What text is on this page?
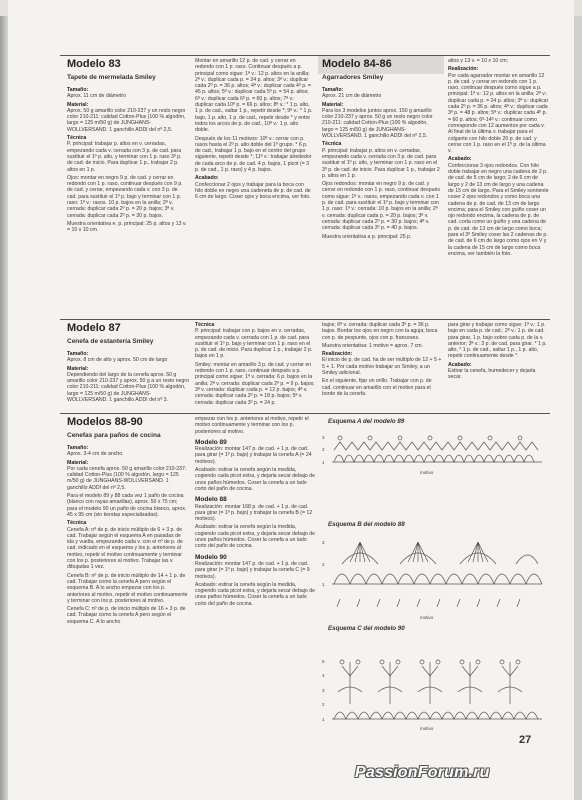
Modelo 83
Tapete de mermelada Smiley
Tamaño:
Aprox. 11 cm de diámetro
Material:
Aprox. 50 g amarillo color 210-237 y un resto negro color 210-211: calidad Cotton-Plus (100 % algodón, largo = 125 m/50 g) de JUNGHANS-WOLLVERSAND. 1 ganchillo ADDI del nº 2,5.
Técnica
P. principal: trabajar p. altos en v. cerradas, empezando cada v. cerrada con 3 p. de cad. para sustituir el 1º p. alto, y terminar con 1 p. raso 3º p. de cad. de inicio. Para duplicar 1 p., trabajar 2 p. altos en 1 p.
Ojos: montar en negro 9 p. de cad. y cerrar en redondo con 1 p. raso, continuar después con 9 p. de cad. y cerrar, empezando cada v. con 3 p. de cad. para sustituir el 1º p. bajo y terminar con 1 p. raso: 1ª v.: rasos. 10 p. bajos en la anilla; 2ª v. cerrada: duplicar cada 2º p. = 20 p. bajos; 3ª v. cerrada: duplicar cada 2º p. = 30 p. bajos.
Muestra orientativa e. p. principal: 25 p. altos y 13 v. = 10 x 10 cm.
Montar en amarillo 12 p. de cad. y cerrar en redondo con 1 p. raso. Continuar después a p. principal como sigue: 1ª v.: 12 p. altos en la anilla; 2ª v.: duplicar cada p. = 24 p. altos; 3ª v.: duplicar cada 2º p. = 36 p. altos; 4ª v.: duplicar cada 4º p. = 45 p. altos; 5ª v.: duplicar cada 5º p. = 54 p. altos; 6ª v.: duplicar cada 6º p. = 60 p. altos; 7ª v.: duplicar cada 10º p. = 66 p. altos; 8ª v.: * 1 p. alto, 1 p. de cad., saltar 1 p., repetir desde *; 9ª v.: * 1 p. bajo, 1 p. alto, 1 p. de cad., repetir desde * y entre todos los arcos de p. de cad., 10ª v.: 1 p. alto doble.
Después de los 11 motivos: 10ª v.: cerrar con p. rasos hasta el 2º p. alto doble del 1º grupo. * 6 p. de cad., trabajar 1 p. bajo en el centro del grupo siguiente, repetir desde *; 11ª v.: trabajar alrededor de cada arco de p. de cad. 4 p. bajos, 1 picot (= 3 p. de cad., 1 p. raso) y 4 p. bajos.
Acabado:
Confeccionar 2 ojos y trabajar para la boca con hilo doble en negro una cadeneta de p. de cad. de 6 cm de largo. Coser ojos y boca encima, ver foto.
Modelo 84-86
Agarradores Smiley
Tamaño:
Aprox. 21 cm de diámetro
Material:
Para los 3 modelos juntos aprox. 150 g amarillo color 210-237 y aprox. 50 g un resto negro color 210-211: calidad Cotton-Plus (100 % algodón, largo = 125 m/50 g) de JUNGHANS-WOLLVERSAND. 1 ganchillo ADDI del nº 2,5.
Técnica
P. principal: trabajar p. altos en v. cerradas, empezando cada v. cerrada con 3 p. de cad. para sustituir el 1º p. alto, y terminar con 1 p. raso en el 3º p. de cad. de inicio. Para duplicar 1 p., trabajar 2 p. altos en 1 p.
Ojos redondos: montar en negro 9 p. de cad. y cerrar en redondo con 1 p. raso, continuar después como sigue: 1ª v.: rasos, empezando cada v. con 1 p. de cad. para sustituir el 1º p. bajo y terminar con 1 p. raso: 1ª v.: cerrada: 10 p. bajos en la anilla; 2ª v. cerrada: duplicar cada p. = 20 p. bajos; 3ª v. cerrada: duplicar cada 2º p. = 30 p. bajos; 4ª v. cerrada: duplicar cada 3º p. = 40 p. bajos.
Muestra orientativa a p. principal: 25 p.
altos y 13 v. = 10 x 10 cm;
Realización:
Por cada agarrador montar en amarillo 12 p. de cad. y cerrar en redondo con 1 p. raso, continuar después como sigue a p. principal: 1ª v.: 12 p. altos en la anilla; 2ª v.: duplicar cada p. = 24 p. altos; 3ª v.: duplicar cada 2º p. = 36 p. altos; 4ª v.: duplicar cada 3º p. = 48 p. altos; 5ª v.: duplicar cada 4º p. = 60 p. altos; 6ª-14ª v.: continuar como corresponde con 12 aumentos por cada v. Al final de la última v. trabajar para el colgante con hilo doble 20 p. de cad. y cerrar con 1 p. raso en el 1º p. de la última v.
Acabado:
Confeccionar 3 ojos redondos. Con hilo doble trabajar en negro una cadena de 2 p. de cad. de 5 cm de largo; 2 de 6 cm de largo y 2 de 13 cm de largo y una cadena de 15 cm de largo. Para el Smiley sonriente coser 2 ojos redondos y como boca una cadena de p. de cad. de 13 cm de largo encima; para el Smiley con guiño coser un ojo redondo encima, la cadena de p. de cad. corta como un guiño y una cadena de p. de cad. de 13 cm de largo como boca; para el 3º Smiley coser las 2 cadenas de p. de cad. de 6 cm de largo como ojos en V y la cadena de 15 cm de largo como boca encima, ver también la foto.
Modelo 87
Cenefa de estantería Smiley
Tamaño:
Aprox. 8 cm de alto y aprox. 50 cm de largo
Material:
Dependiendo del largo de la cenefa aprox. 50 g amarillo color 210-237 y aprox. 50 g a un resto negro color 210-211: calidad Cotton-Plus (100 % algodón, largo = 125 m/50 g) de JUNGHANS-WOLLVERSAND. 1 ganchillo ADDI del nº 3.
Técnica
P. principal: trabajar con p. bajos en v. cerradas, empezando cada v. cerrada con 1 p. de cad. para sustituir el 1º p. bajo y terminar con 1 p. raso en el p. de cad. de inicio. Para duplicar 1 p., trabajar 2 p. bajos en 1 p.
Smiley: montar en amarillo 3 p. de cad. y cerrar en redondo con 1 p. raso, continuar después a p. principal como sigue: 1ª v. cerrada: 6 p. bajos en la anilla; 2ª v. cerrada: duplicar cada 2º p. = 9 p. bajos; 3ª v. cerrada: duplicar cada p. = 12 p. bajos; 4ª v. cerrada: duplicar cada 2º p. = 18 p. bajos; 5ª v. cerrada: duplicar cada 3º p. = 24 p.
bajos; 6ª v. cerrada: duplicar cada 3º p. = 36 p. bajos. Bordar los ojos en negro con la aguja; boca con p. de pespunte, ojos con p. franceses.
Muestra orientativa: 1 motivo = aprox. 7 cm.
Realización:
El inicio de p. de cad. ha de ser múltiplo de 12 + 5 + 5 + 1. Por cada motivo trabajar un Smiley, a un Smiley adicional.
En el siguiente, fijar un orillo. Trabajar con p. de cad. continuar en amarillo con el motivo para el borde de la cenefa.
para girar y trabajar como sigue: 1ª v.: 1 p. bajo en cada p. de cad.; 2ª v.: 1 p. de cad. para girar, 1 p. bajo sobre cada p. de la v. anterior; 3ª v.: 3 p. de cad. para girar. * 1 p. alto, * 1 p. de cad., saltar 1 p., 1 p. alto, repetir continuamente desde *.
Acabado:
Estirar la cenefa, humedecer y dejarla secar.
Modelos 88-90
Cenefas para paños de cocina
Tamaño:
Aprox. 3-4 cm de ancho.
Material:
Por cada cenefa aprox. 50 g amarillo color 210-237: calidad Cotton-Plus (100 % algodón, largo = 125 m/50 g) de JUNGHANS-WOLLVERSAND. 1 ganchillo ADDI del nº 2,5.
Para el modelo 89 y 88 cada vez 1 paño de cocina (blanco con rayas amarillas), aprox. 50 x 75 cm; para el modelo 90 un paño de cocina blanco, aprox. 45 x 95 cm (sin tiendas especializadas).
Técnica
Cenefa A: nº de p. de inicio múltiplo de 6 + 3 p. de cad. Trabajar según el esquema A en pasadas de ida y vuelta, empezando cada v. con el nº de p. de cad. indicado en el esquema y los p. anteriores al motivo, repetir el motivo continuamente y terminar con los p. posteriores al motivo. Trabajar las v. dibujadas 1 vez.
Cenefa B: nº de p. de inicio múltiplo de 14 + 1 p. de cad. Trabajar como la cenefa A pero según el esquema B. A lo ancho empezar con los p. anteriores al motivo, repetir el motivo continuamente y terminar con los p. posteriores al motivo.
Cenefa C: nº de p. de inicio múltiplo de 16 + 3 p. de cad. Trabajar como la cenefa A pero según el esquema C. A lo ancho
empezar con los p. anteriores al motivo, repetir el motivo continuamente y terminar con los p. posteriores al motivo.
Modelo 89
Realización: montar 147 p. de cad. + 1 p. de cad. para girar (= 1º p. bajo) y trabajar la cenefa A (= 24 motivos).
Acabado: estirar la cenefa según la medida, cogiendo cada picot extra, y dejarla secar debajo de unos paños húmedos. Coser la cenefa a un lado corto del paño de cocina.
Modelo 88
Realización: montar 168 p. de cad. + 1 p. de cad. para girar (= 1º p. bajo) y trabajar la cenefa B (= 12 motivos).
Acabado: estirar la cenefa según la medida, cogiendo cada picot extra, y dejarla secar debajo de unos paños húmedos. Coser la cenefa a un lado corto del paño de cocina.
Modelo 90
Realización: montar 147 p. de cad. + 1 p. de cad. para girar (= 1º p. bajo) y trabajar la cenefa C (= 9 motivos).
Acabado: estirar la cenefa según la medida, cogiendo cada picot extra, y dejarla secar debajo de unos paños húmedos. Coser la cenefa a un lado corto del paño de cocina.
Esquema A del modelo 89
Esquema B del modelo 88
Esquema C del modelo 90
1
2
3
1
2
3
1
2
3
4
5
motivo
motivo
motivo
27
PassionForum.ru
